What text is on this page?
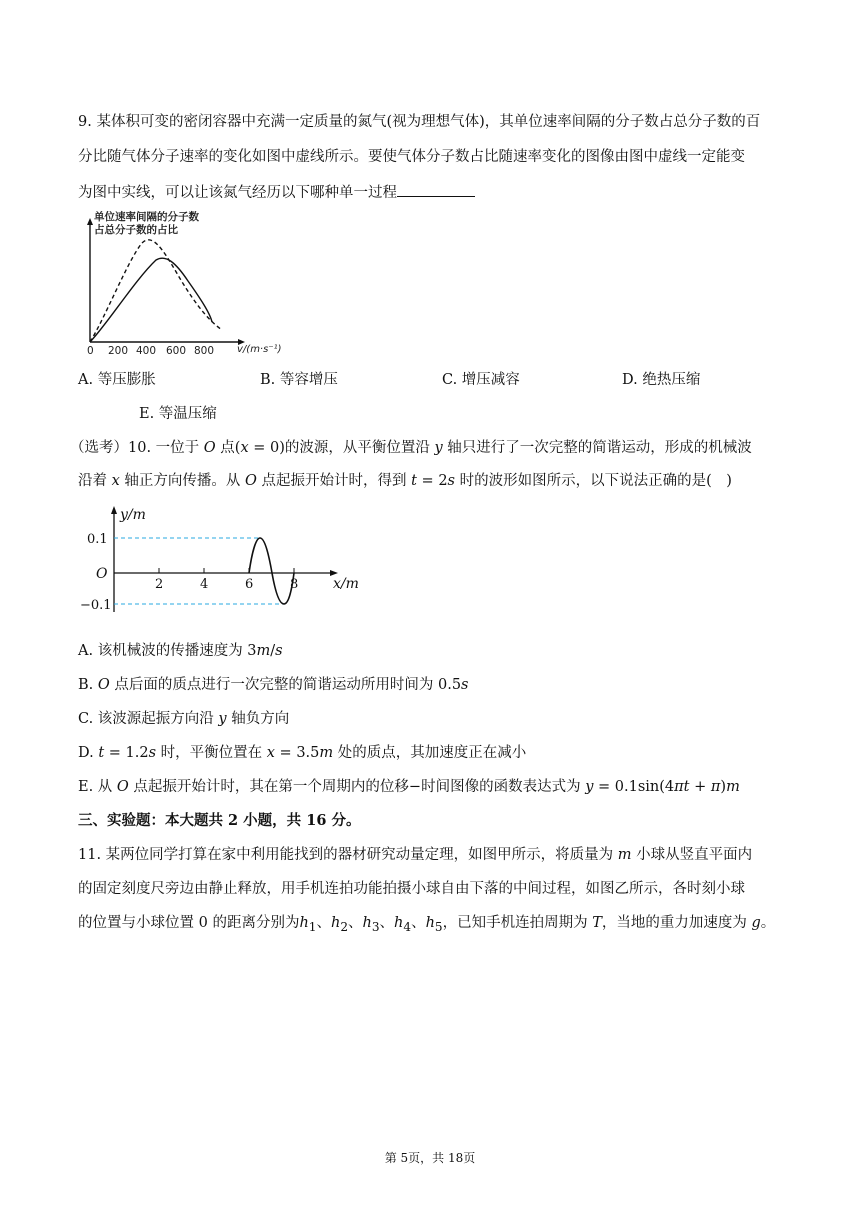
9. 某体积可变的密闭容器中充满一定质量的氮气(视为理想气体)，其单位速率间隔的分子数占总分子数的百
分比随气体分子速率的变化如图中虚线所示。要使气体分子数占比随速率变化的图像由图中虚线一定能变
为图中实线，可以让该氮气经历以下哪种单一过程
单位速率间隔的分子数
占总分子数的占比
0 200 400 600 800 v/(m·s⁻¹)
A. 等压膨胀	B. 等容增压	C. 增压减容	D. 绝热压缩
E. 等温压缩
（选考）10. 一位于 O 点(x = 0)的波源，从平衡位置沿 y 轴只进行了一次完整的简谐运动，形成的机械波
沿着 x 轴正方向传播。从 O 点起振开始计时，得到 t = 2s 时的波形如图所示，以下说法正确的是(　)
y/m
x/m
O
0.1
−0.1
2	4	6	8
A. 该机械波的传播速度为 3m/s
B. O 点后面的质点进行一次完整的简谐运动所用时间为 0.5s
C. 该波源起振方向沿 y 轴负方向
D. t = 1.2s 时，平衡位置在 x = 3.5m 处的质点，其加速度正在减小
E. 从 O 点起振开始计时，其在第一个周期内的位移−时间图像的函数表达式为 y = 0.1sin(4πt + π)m
三、实验题：本大题共 2 小题，共 16 分。
11. 某两位同学打算在家中利用能找到的器材研究动量定理，如图甲所示，将质量为 m 小球从竖直平面内
的固定刻度尺旁边由静止释放，用手机连拍功能拍摄小球自由下落的中间过程，如图乙所示，各时刻小球
的位置与小球位置 0 的距离分别为$h_1$、$h_2$、$h_3$、$h_4$、$h_5$，已知手机连拍周期为 T，当地的重力加速度为 g。
第 5页，共 18页
